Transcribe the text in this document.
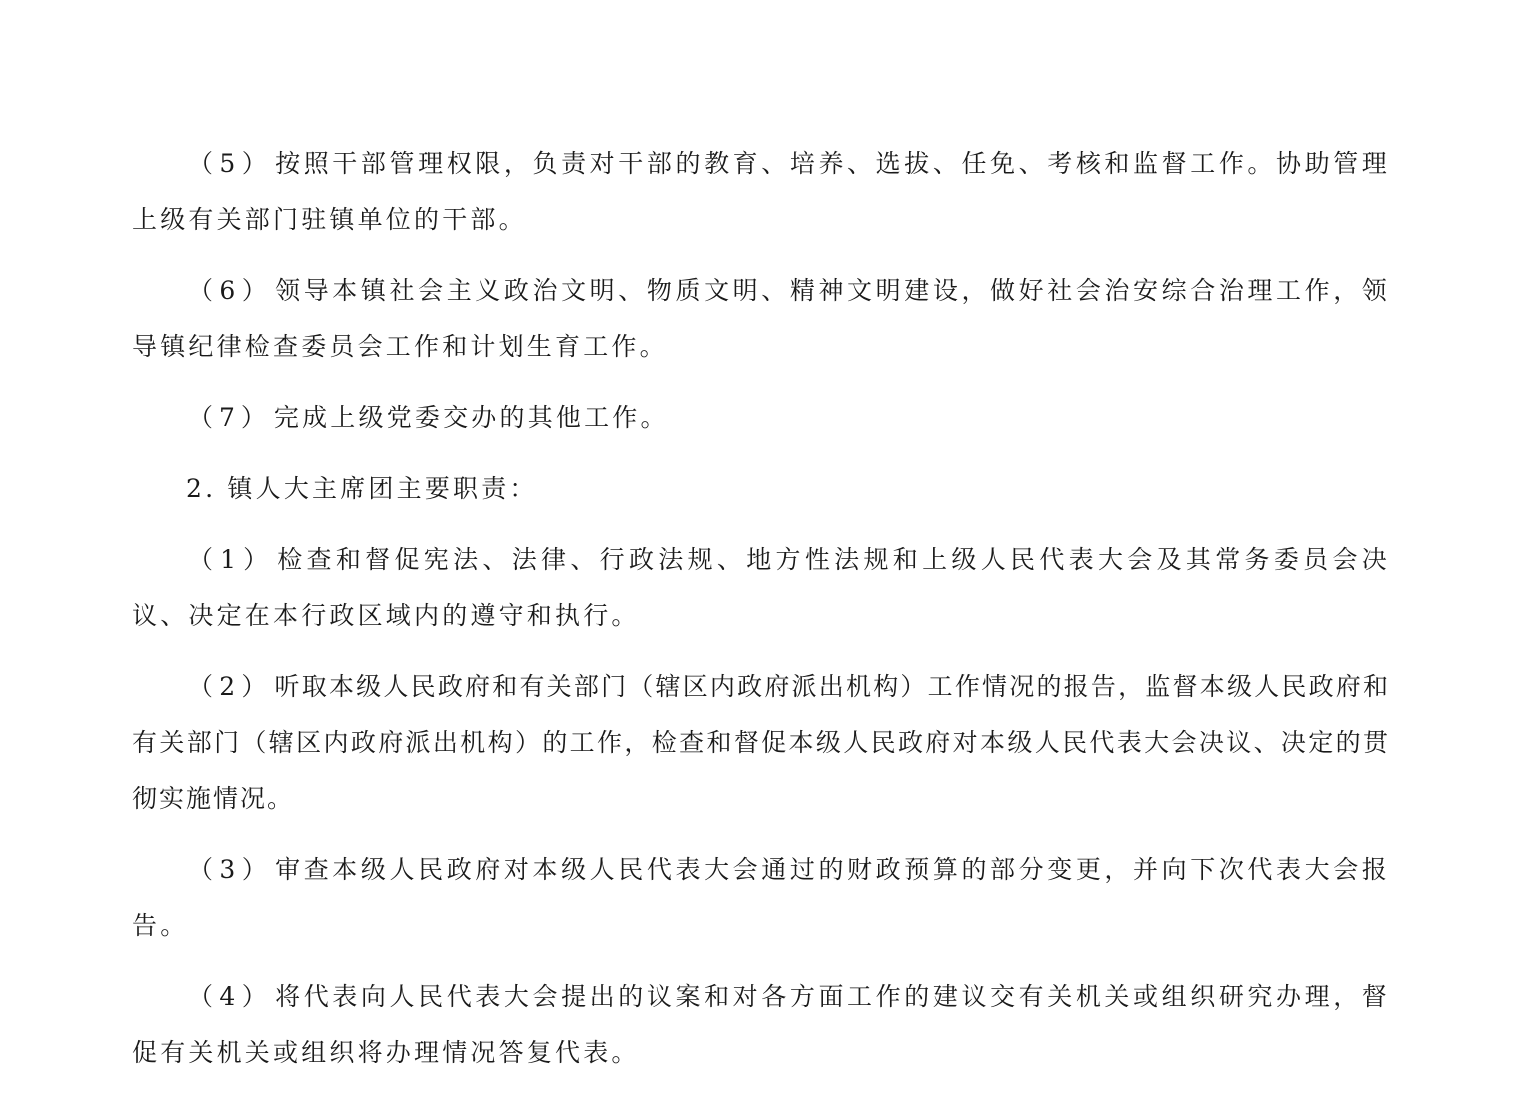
（5）按照干部管理权限，负责对干部的教育、培养、选拔、任免、考核和监督工作。协助管理上级有关部门驻镇单位的干部。

（6）领导本镇社会主义政治文明、物质文明、精神文明建设，做好社会治安综合治理工作，领导镇纪律检查委员会工作和计划生育工作。

（7）完成上级党委交办的其他工作。

2. 镇人大主席团主要职责：

（1）检查和督促宪法、法律、行政法规、地方性法规和上级人民代表大会及其常务委员会决议、决定在本行政区域内的遵守和执行。

（2）听取本级人民政府和有关部门（辖区内政府派出机构）工作情况的报告，监督本级人民政府和有关部门（辖区内政府派出机构）的工作，检查和督促本级人民政府对本级人民代表大会决议、决定的贯彻实施情况。

（3）审查本级人民政府对本级人民代表大会通过的财政预算的部分变更，并向下次代表大会报告。

（4）将代表向人民代表大会提出的议案和对各方面工作的建议交有关机关或组织研究办理，督促有关机关或组织将办理情况答复代表。
